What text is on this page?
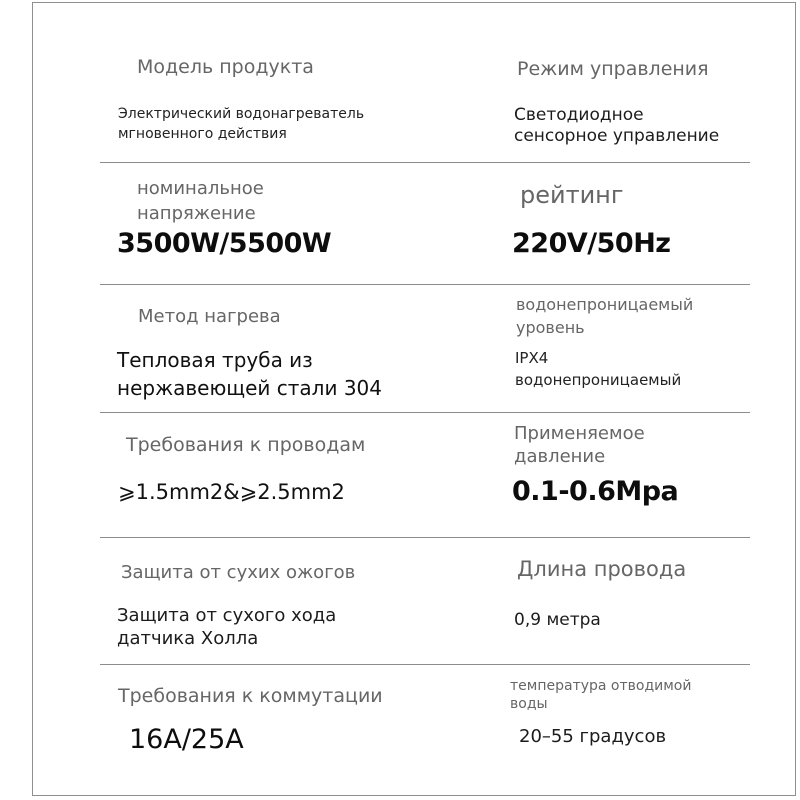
Модель продукта
Электрический водонагреватель
мгновенного действия
Режим управления
Светодиодное
сенсорное управление
номинальное
напряжение
3500W/5500W
рейтинг
220V/50Hz
Метод нагрева
Тепловая труба из
нержавеющей стали 304
водонепроницаемый
уровень
IPX4
водонепроницаемый
Требования к проводам
⩾1.5mm2&⩾2.5mm2
Применяемое
давление
0.1-0.6Mpa
Защита от сухих ожогов
Защита от сухого хода
датчика Холла
Длина провода
0,9 метра
Требования к коммутации
16A/25A
температура отводимой
воды
20–55 градусов
